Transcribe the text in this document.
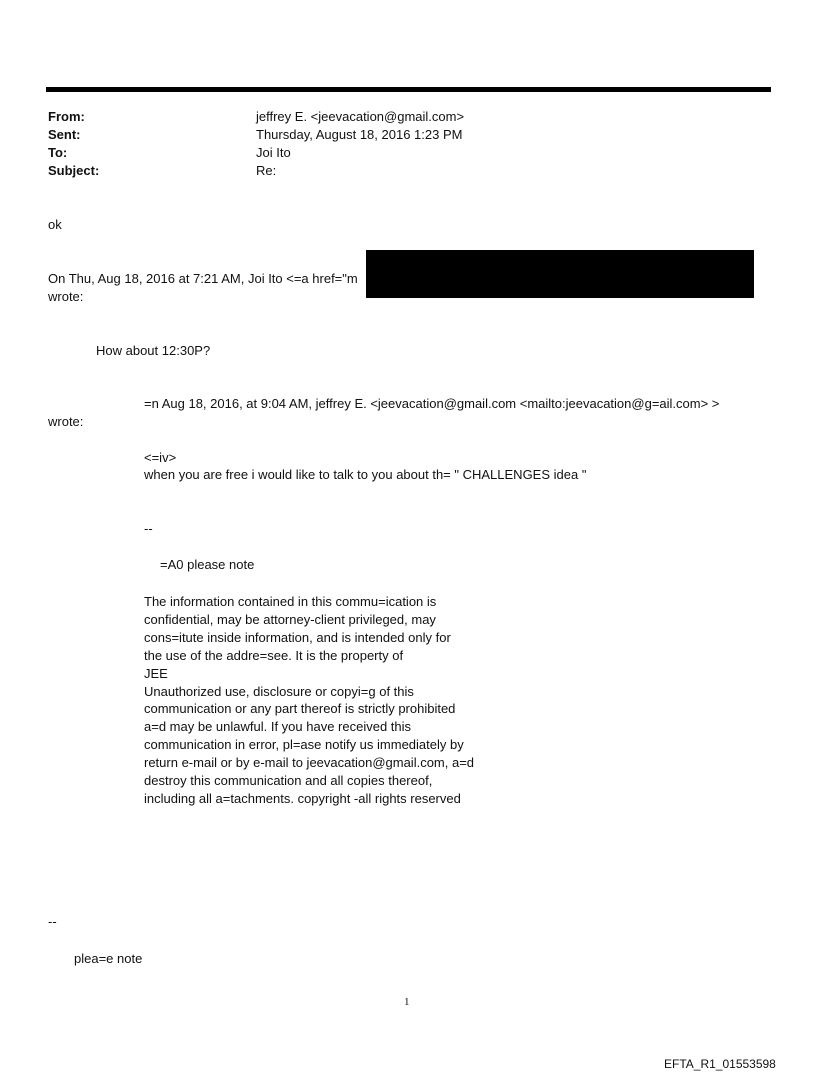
From:	jeffrey E. <jeevacation@gmail.com>
Sent:	Thursday, August 18, 2016 1:23 PM
To:	Joi Ito
Subject:	Re:
ok
On Thu, Aug 18, 2016 at 7:21 AM, Joi Ito <=a href="m
wrote:
How about 12:30P?
=n Aug 18, 2016, at 9:04 AM, jeffrey E. <jeevacation@gmail.com <mailto:jeevacation@g=ail.com> >
wrote:
<=iv>
when you are free i would like to talk to you about th= " CHALLENGES idea "
--
=A0 please note
The information contained in this commu=ication is
confidential, may be attorney-client privileged, may
cons=itute inside information, and is intended only for
the use of the addre=see. It is the property of
JEE
Unauthorized use, disclosure or copyi=g of this
communication or any part thereof is strictly prohibited
a=d may be unlawful. If you have received this
communication in error, pl=ase notify us immediately by
return e-mail or by e-mail to jeevacation@gmail.com, a=d
destroy this communication and all copies thereof,
including all a=tachments. copyright -all rights reserved
--
plea=e note
1
EFTA_R1_01553598
